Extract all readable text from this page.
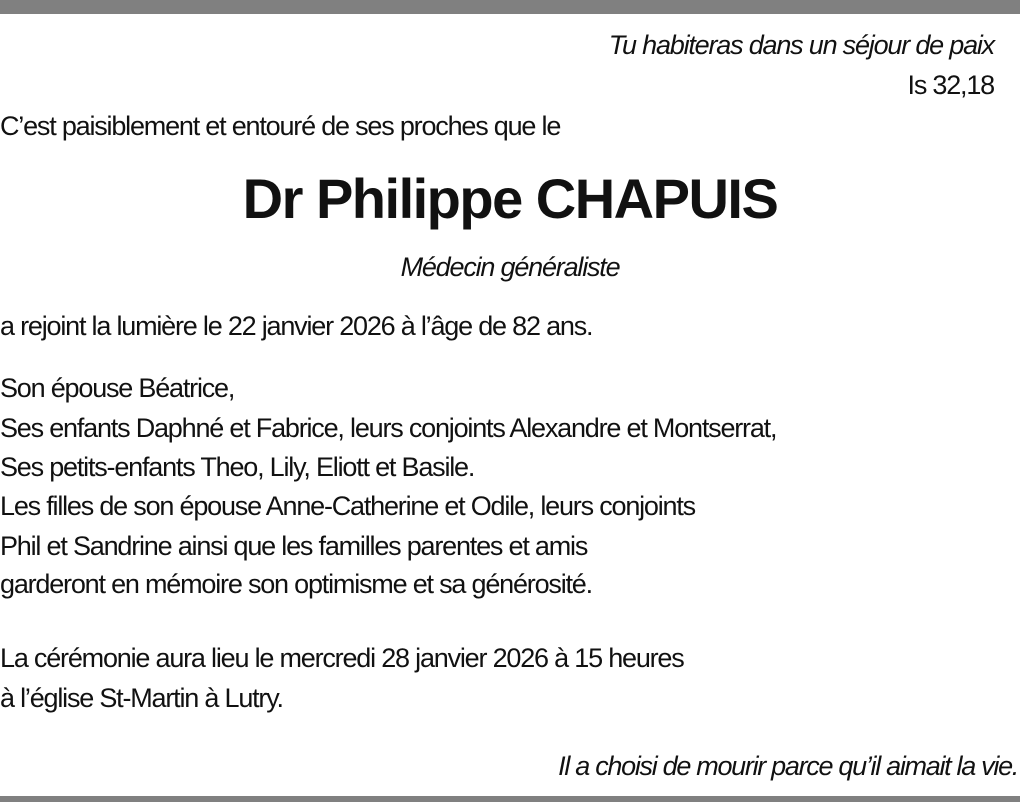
Tu habiteras dans un séjour de paix
Is 32,18
C’est paisiblement et entouré de ses proches que le
Dr Philippe CHAPUIS
Médecin généraliste
a rejoint la lumière le 22 janvier 2026 à l’âge de 82 ans.
Son épouse Béatrice,
Ses enfants Daphné et Fabrice, leurs conjoints Alexandre et Montserrat,
Ses petits-enfants Theo, Lily, Eliott et Basile.
Les filles de son épouse Anne-Catherine et Odile, leurs conjoints
Phil et Sandrine ainsi que les familles parentes et amis
garderont en mémoire son optimisme et sa générosité.
La cérémonie aura lieu le mercredi 28 janvier 2026 à 15 heures
à l’église St-Martin à Lutry.
Il a choisi de mourir parce qu’il aimait la vie.
